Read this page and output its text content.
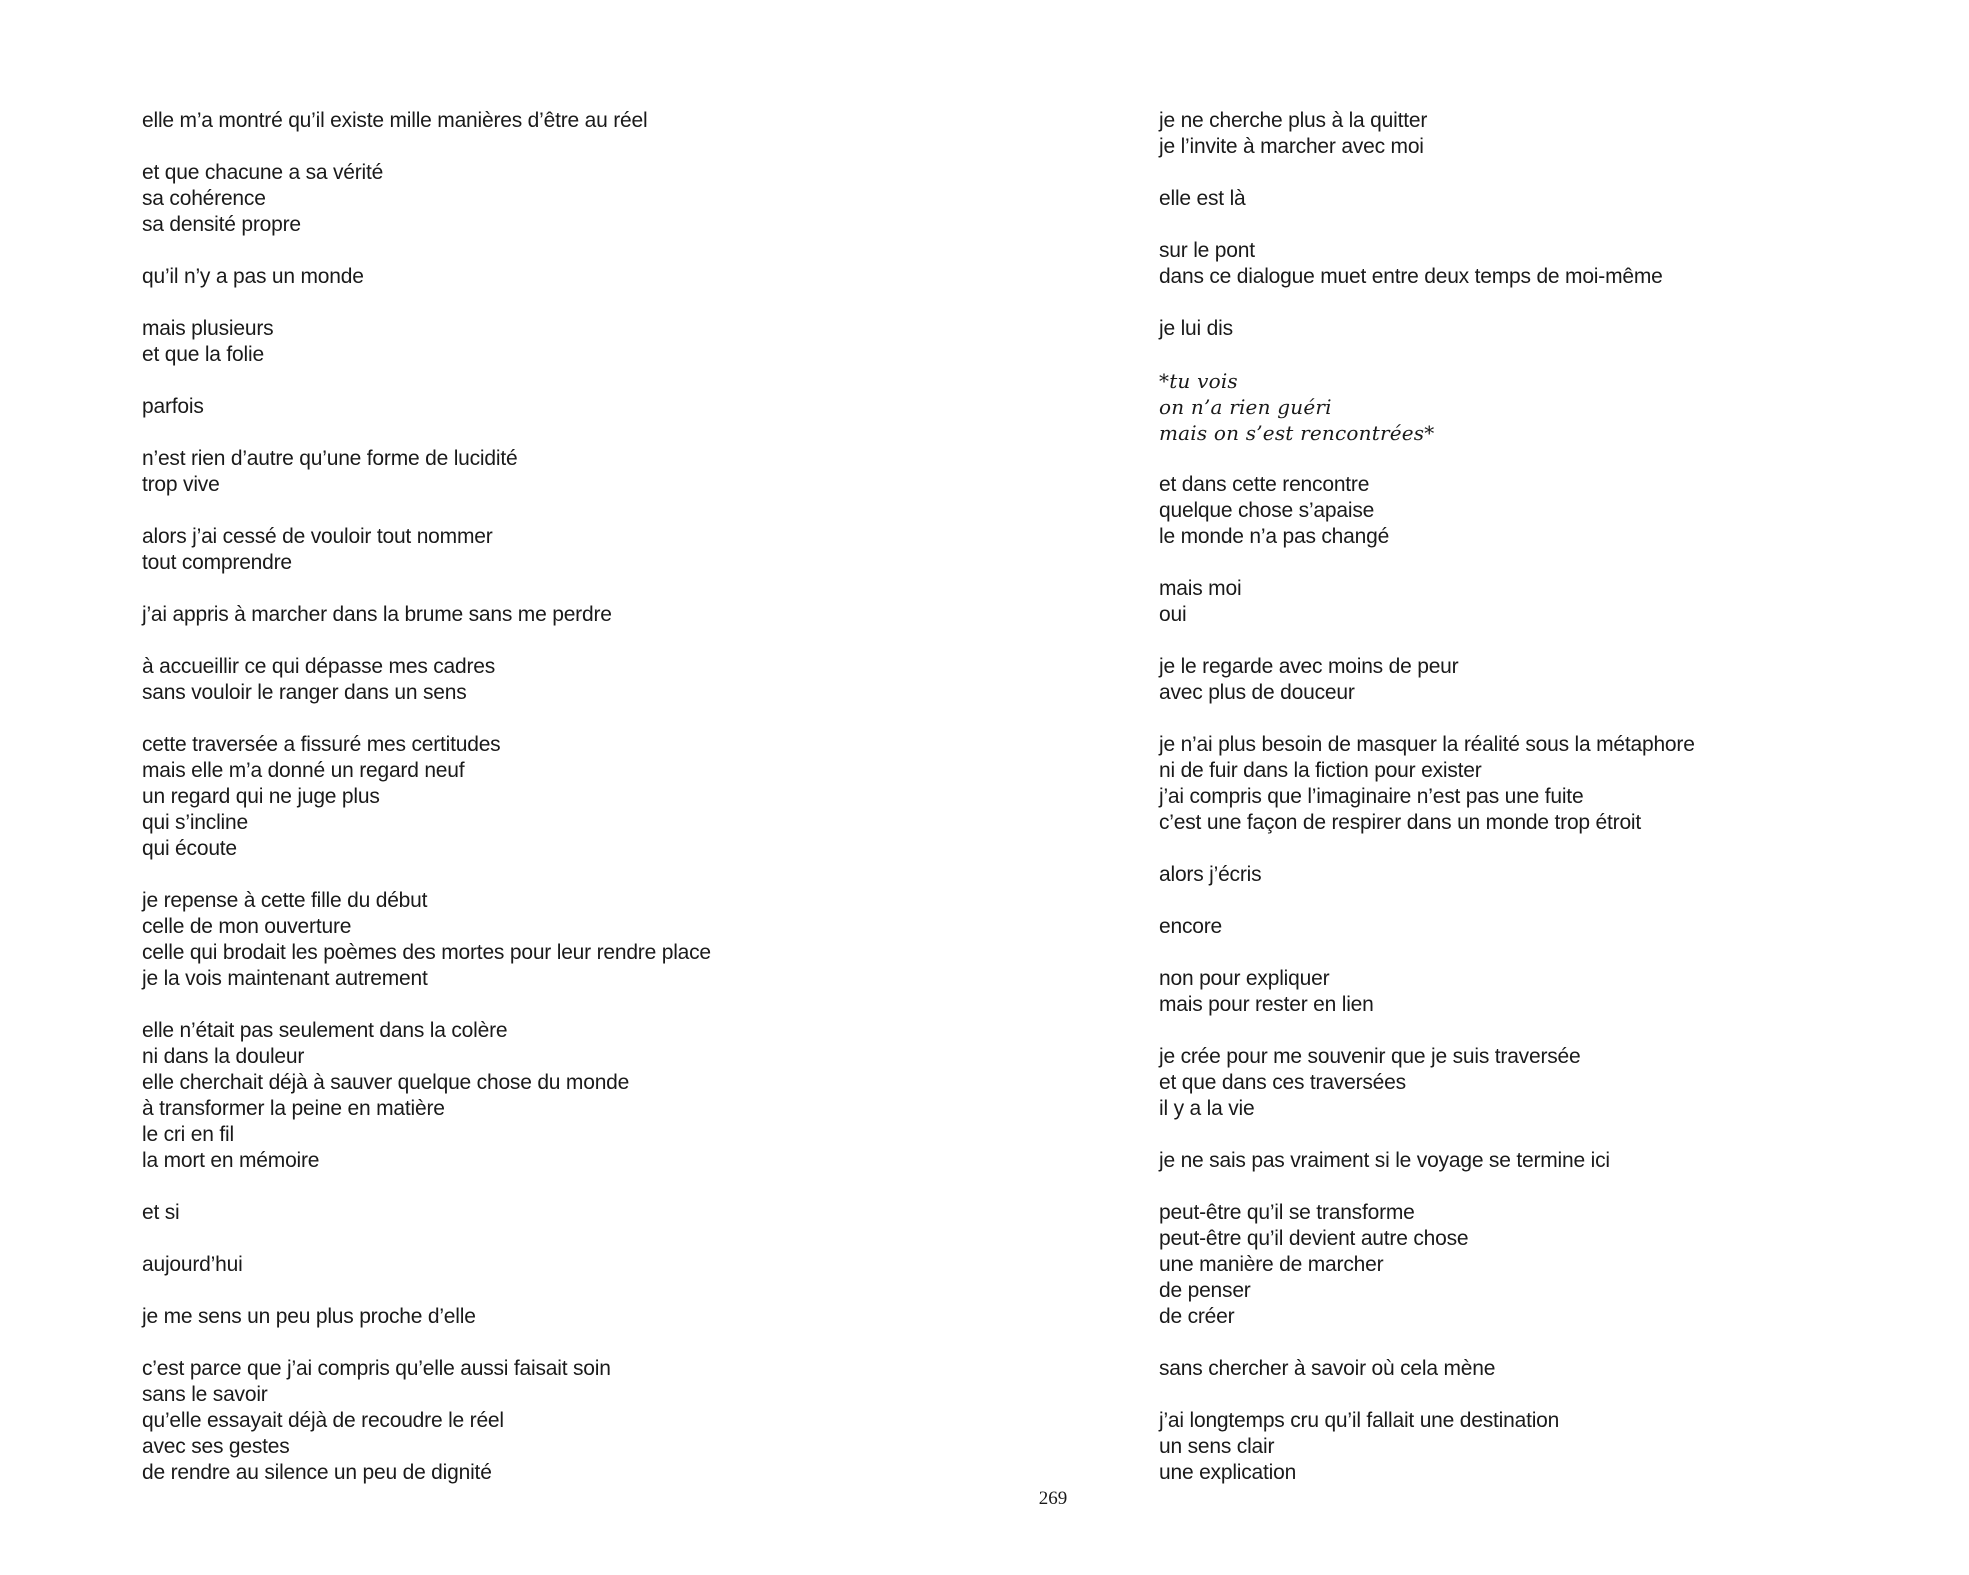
elle m’a montré qu’il existe mille manières d’être au réel
et que chacune a sa vérité
sa cohérence
sa densité propre
qu’il n’y a pas un monde
mais plusieurs
et que la folie
parfois
n’est rien d’autre qu’une forme de lucidité
trop vive
alors j’ai cessé de vouloir tout nommer
tout comprendre
j’ai appris à marcher dans la brume sans me perdre
à accueillir ce qui dépasse mes cadres
sans vouloir le ranger dans un sens
cette traversée a fissuré mes certitudes
mais elle m’a donné un regard neuf
un regard qui ne juge plus
qui s’incline
qui écoute
je repense à cette fille du début
celle de mon ouverture
celle qui brodait les poèmes des mortes pour leur rendre place
je la vois maintenant autrement
elle n’était pas seulement dans la colère
ni dans la douleur
elle cherchait déjà à sauver quelque chose du monde
à transformer la peine en matière
le cri en fil
la mort en mémoire
et si
aujourd’hui
je me sens un peu plus proche d’elle
c’est parce que j’ai compris qu’elle aussi faisait soin
sans le savoir
qu’elle essayait déjà de recoudre le réel
avec ses gestes
de rendre au silence un peu de dignité
je ne cherche plus à la quitter
je l’invite à marcher avec moi
elle est là
sur le pont
dans ce dialogue muet entre deux temps de moi-même
je lui dis
*tu vois
on n’a rien guéri
mais on s’est rencontrées*
et dans cette rencontre
quelque chose s’apaise
le monde n’a pas changé
mais moi
oui
je le regarde avec moins de peur
avec plus de douceur
je n’ai plus besoin de masquer la réalité sous la métaphore
ni de fuir dans la fiction pour exister
j’ai compris que l’imaginaire n’est pas une fuite
c’est une façon de respirer dans un monde trop étroit
alors j’écris
encore
non pour expliquer
mais pour rester en lien
je crée pour me souvenir que je suis traversée
et que dans ces traversées
il y a la vie
je ne sais pas vraiment si le voyage se termine ici
peut-être qu’il se transforme
peut-être qu’il devient autre chose
une manière de marcher
de penser
de créer
sans chercher à savoir où cela mène
j’ai longtemps cru qu’il fallait une destination
un sens clair
une explication
269
